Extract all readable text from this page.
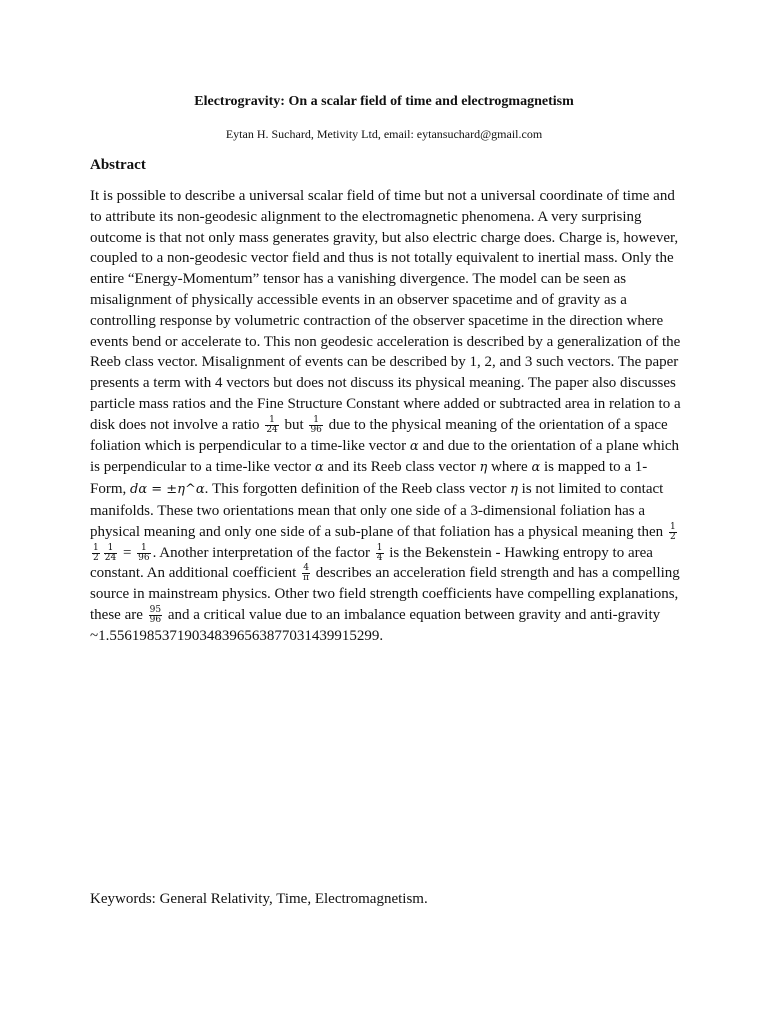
Electrogravity: On a scalar field of time and electrogmagnetism
Eytan H. Suchard, Metivity Ltd, email: eytansuchard@gmail.com
Abstract
It is possible to describe a universal scalar field of time but not a universal coordinate of time and to attribute its non-geodesic alignment to the electromagnetic phenomena. A very surprising outcome is that not only mass generates gravity, but also electric charge does. Charge is, however, coupled to a non-geodesic vector field and thus is not totally equivalent to inertial mass. Only the entire “Energy-Momentum” tensor has a vanishing divergence. The model can be seen as misalignment of physically accessible events in an observer spacetime and of gravity as a controlling response by volumetric contraction of the observer spacetime in the direction where events bend or accelerate to. This non geodesic acceleration is described by a generalization of the Reeb class vector. Misalignment of events can be described by 1, 2, and 3 such vectors. The paper presents a term with 4 vectors but does not discuss its physical meaning. The paper also discusses particle mass ratios and the Fine Structure Constant where added or subtracted area in relation to a disk does not involve a ratio $\frac{1}{24}$ but $\frac{1}{96}$ due to the physical meaning of the orientation of a space foliation which is perpendicular to a time-like vector α and due to the orientation of a plane which is perpendicular to a time-like vector α and its Reeb class vector η where α is mapped to a 1-Form, dα = ±η^α. This forgotten definition of the Reeb class vector η is not limited to contact manifolds. These two orientations mean that only one side of a 3-dimensional foliation has a physical meaning and only one side of a sub-plane of that foliation has a physical meaning then $\frac{1}{2}$
$\frac{1}{2} \frac{1}{24} = \frac{1}{96}$ . Another interpretation of the factor $\frac{1}{4}$ is the Bekenstein - Hawking entropy to area constant. An additional coefficient $\frac{4}{\pi}$ describes an acceleration field strength and has a compelling source in mainstream physics. Other two field strength coefficients have compelling explanations, these are $\frac{95}{96}$ and a critical value due to an imbalance equation between gravity and anti-gravity ~1.55619853719034839656387703143991529​9.
Keywords: General Relativity, Time, Electromagnetism.
